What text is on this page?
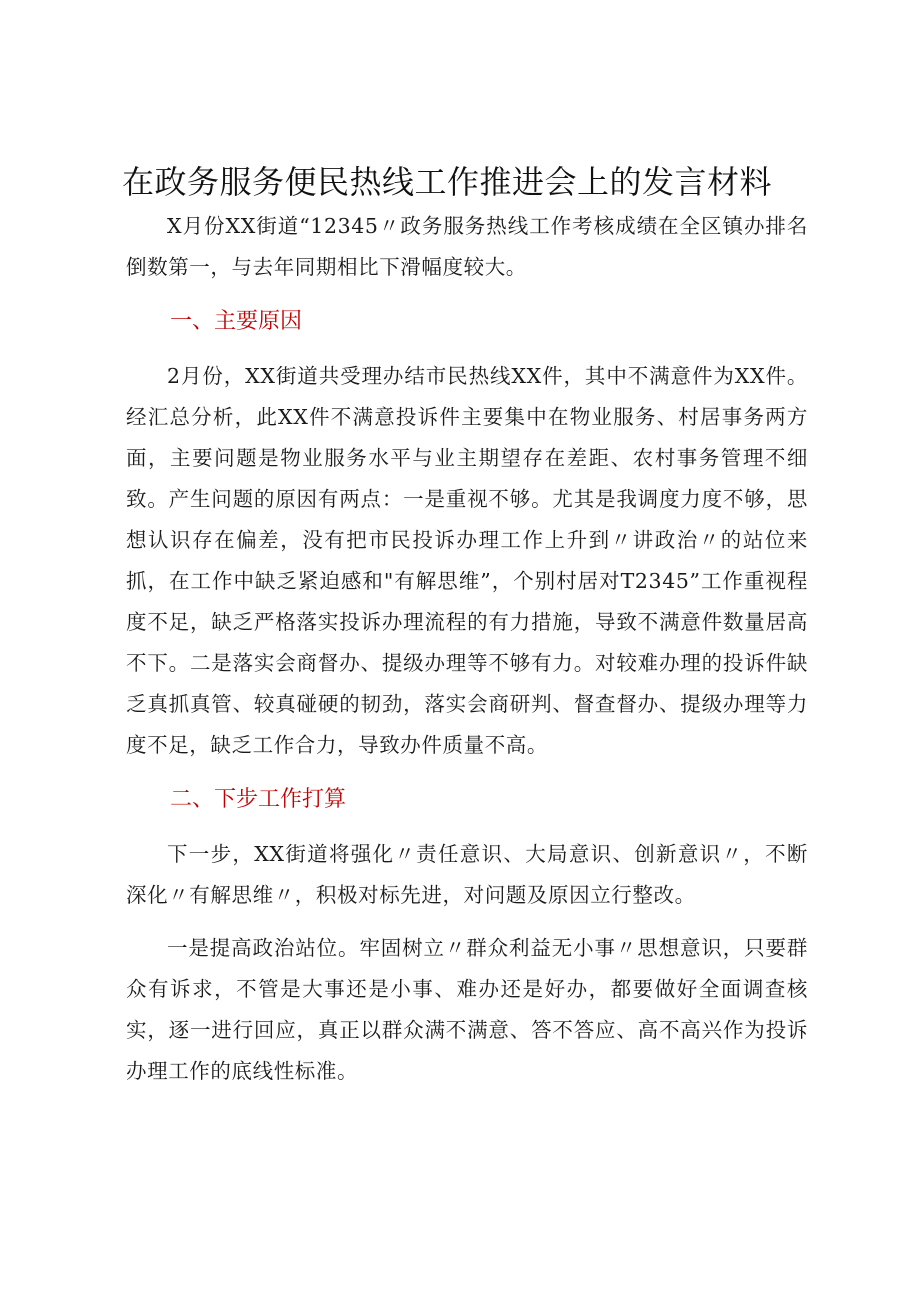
在政务服务便民热线工作推进会上的发言材料

X月份XX街道“12345〃政务服务热线工作考核成绩在全区镇办排名倒数第一，与去年同期相比下滑幅度较大。

一、主要原因

2月份，XX街道共受理办结市民热线XX件，其中不满意件为XX件。经汇总分析，此XX件不满意投诉件主要集中在物业服务、村居事务两方面，主要问题是物业服务水平与业主期望存在差距、农村事务管理不细致。产生问题的原因有两点：一是重视不够。尤其是我调度力度不够，思想认识存在偏差，没有把市民投诉办理工作上升到〃讲政治〃的站位来抓，在工作中缺乏紧迫感和"有解思维”，个别村居对T2345”工作重视程度不足，缺乏严格落实投诉办理流程的有力措施，导致不满意件数量居高不下。二是落实会商督办、提级办理等不够有力。对较难办理的投诉件缺乏真抓真管、较真碰硬的韧劲，落实会商研判、督查督办、提级办理等力度不足，缺乏工作合力，导致办件质量不高。

二、下步工作打算

下一步，XX街道将强化〃责任意识、大局意识、创新意识〃，不断深化〃有解思维〃，积极对标先进，对问题及原因立行整改。

一是提高政治站位。牢固树立〃群众利益无小事〃思想意识，只要群众有诉求，不管是大事还是小事、难办还是好办，都要做好全面调查核实，逐一进行回应，真正以群众满不满意、答不答应、高不高兴作为投诉办理工作的底线性标准。
